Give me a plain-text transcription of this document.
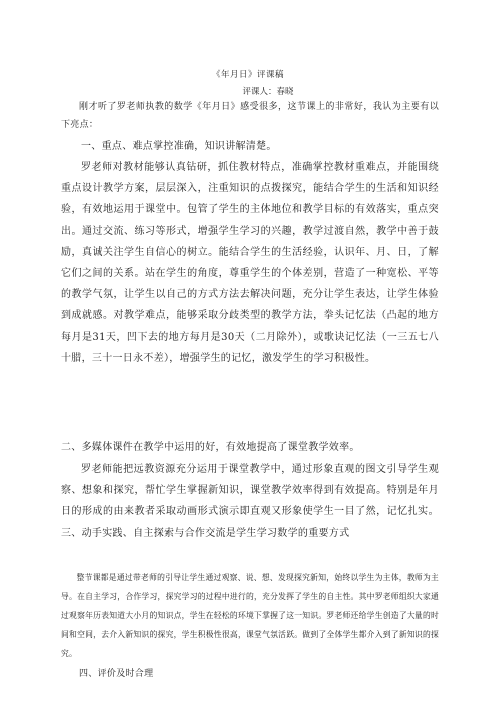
《年月日》评课稿
评课人：春晓
刚才听了罗老师执教的数学《年月日》感受很多，这节课上的非常好，我认为主要有以下亮点：
一、重点、难点掌控准确，知识讲解清楚。
罗老师对教材能够认真钻研，抓住教材特点，准确掌控教材重难点，并能围绕重点设计教学方案，层层深入，注重知识的点拨探究，能结合学生的生活和知识经验，有效地运用于课堂中。包管了学生的主体地位和教学目标的有效落实，重点突出。通过交流、练习等形式，增强学生学习的兴趣，教学过渡自然，教学中善于鼓励，真诚关注学生自信心的树立。能结合学生的生活经验，认识年、月、日，了解它们之间的关系。站在学生的角度，尊重学生的个体差别，营造了一种宽松、平等的教学气氛，让学生以自己的方式方法去解决问题，充分让学生表达，让学生体验到成就感。对教学难点，能够采取分歧类型的教学方法，拳头记忆法（凸起的地方每月是31天，凹下去的地方每月是30天（二月除外），或歌诀记忆法（一三五七八十腊，三十一日永不差），增强学生的记忆，激发学生的学习积极性。
二、多媒体课件在教学中运用的好，有效地提高了课堂教学效率。
罗老师能把远教资源充分运用于课堂教学中，通过形象直观的图文引导学生观察、想象和探究，帮忙学生掌握新知识，课堂教学效率得到有效提高。特别是年月日的形成的由来教者采取动画形式演示即直观又形象使学生一目了然，记忆扎实。三、动手实践、自主探索与合作交流是学生学习数学的重要方式
整节课都是通过带老师的引导让学生通过观察、说、想、发现探究新知，始终以学生为主体，教师为主导。在自主学习，合作学习，探究学习的过程中进行的，充分发挥了学生的自主性。其中罗老师组织大家通过观察年历表知道大小月的知识点，学生在轻松的环境下掌握了这一知识。罗老师还给学生创造了大量的时间和空间，去介入新知识的探究，学生积极性很高，课堂气氛活跃。做到了全体学生都介入到了新知识的探究。
四、评价及时合理
